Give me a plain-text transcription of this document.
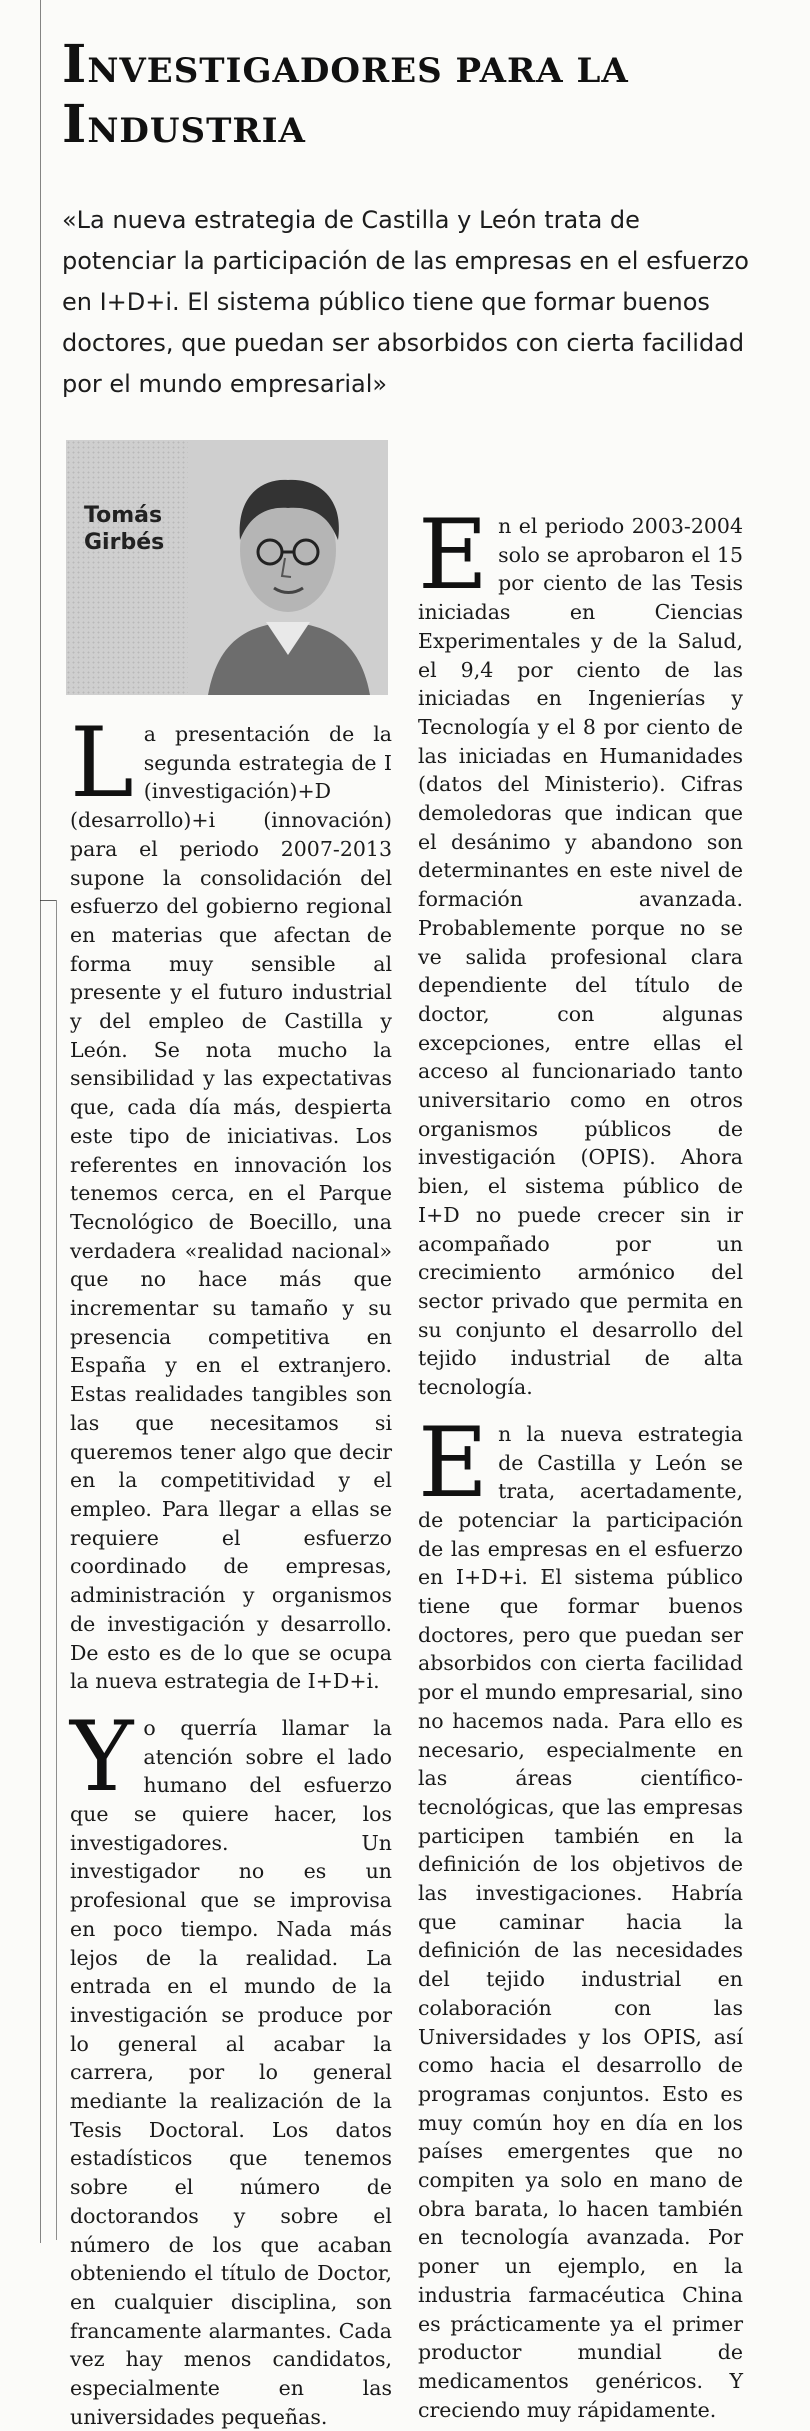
INVESTIGADORES PARA LA
INDUSTRIA

«La nueva estrategia de Castilla y León trata de potenciar la participación de las empresas en el esfuerzo en I+D+i. El sistema público tiene que formar buenos doctores, que puedan ser absorbidos con cierta facilidad por el mundo empresarial»

Tomás
Girbés

La presentación de la segunda estrategia de I (investigación)+D (desarrollo)+i (innovación) para el periodo 2007-2013 supone la consolidación del esfuerzo del gobierno regional en materias que afectan de forma muy sensible al presente y el futuro industrial y del empleo de Castilla y León. Se nota mucho la sensibilidad y las expectativas que, cada día más, despierta este tipo de iniciativas. Los referentes en innovación los tenemos cerca, en el Parque Tecnológico de Boecillo, una verdadera «realidad nacional» que no hace más que incrementar su tamaño y su presencia competitiva en España y en el extranjero. Estas realidades tangibles son las que necesitamos si queremos tener algo que decir en la competitividad y el empleo. Para llegar a ellas se requiere el esfuerzo coordinado de empresas, administración y organismos de investigación y desarrollo. De esto es de lo que se ocupa la nueva estrategia de I+D+i.

Yo querría llamar la atención sobre el lado humano del esfuerzo que se quiere hacer, los investigadores. Un investigador no es un profesional que se improvisa en poco tiempo. Nada más lejos de la realidad. La entrada en el mundo de la investigación se produce por lo general al acabar la carrera, por lo general mediante la realización de la Tesis Doctoral. Los datos estadísticos que tenemos sobre el número de doctorandos y sobre el número de los que acaban obteniendo el título de Doctor, en cualquier disciplina, son francamente alarmantes. Cada vez hay menos candidatos, especialmente en las universidades pequeñas.

En el periodo 2003-2004 solo se aprobaron el 15 por ciento de las Tesis iniciadas en Ciencias Experimentales y de la Salud, el 9,4 por ciento de las iniciadas en Ingenierías y Tecnología y el 8 por ciento de las iniciadas en Humanidades (datos del Ministerio). Cifras demoledoras que indican que el desánimo y abandono son determinantes en este nivel de formación avanzada. Probablemente porque no se ve salida profesional clara dependiente del título de doctor, con algunas excepciones, entre ellas el acceso al funcionariado tanto universitario como en otros organismos públicos de investigación (OPIS). Ahora bien, el sistema público de I+D no puede crecer sin ir acompañado por un crecimiento armónico del sector privado que permita en su conjunto el desarrollo del tejido industrial de alta tecnología.

En la nueva estrategia de Castilla y León se trata, acertadamente, de potenciar la participación de las empresas en el esfuerzo en I+D+i. El sistema público tiene que formar buenos doctores, pero que puedan ser absorbidos con cierta facilidad por el mundo empresarial, sino no hacemos nada. Para ello es necesario, especialmente en las áreas científico-tecnológicas, que las empresas participen también en la definición de los objetivos de las investigaciones. Habría que caminar hacia la definición de las necesidades del tejido industrial en colaboración con las Universidades y los OPIS, así como hacia el desarrollo de programas conjuntos. Esto es muy común hoy en día en los países emergentes que no compiten ya solo en mano de obra barata, lo hacen también en tecnología avanzada. Por poner un ejemplo, en la industria farmacéutica China es prácticamente ya el primer productor mundial de medicamentos genéricos. Y creciendo muy rápidamente.
